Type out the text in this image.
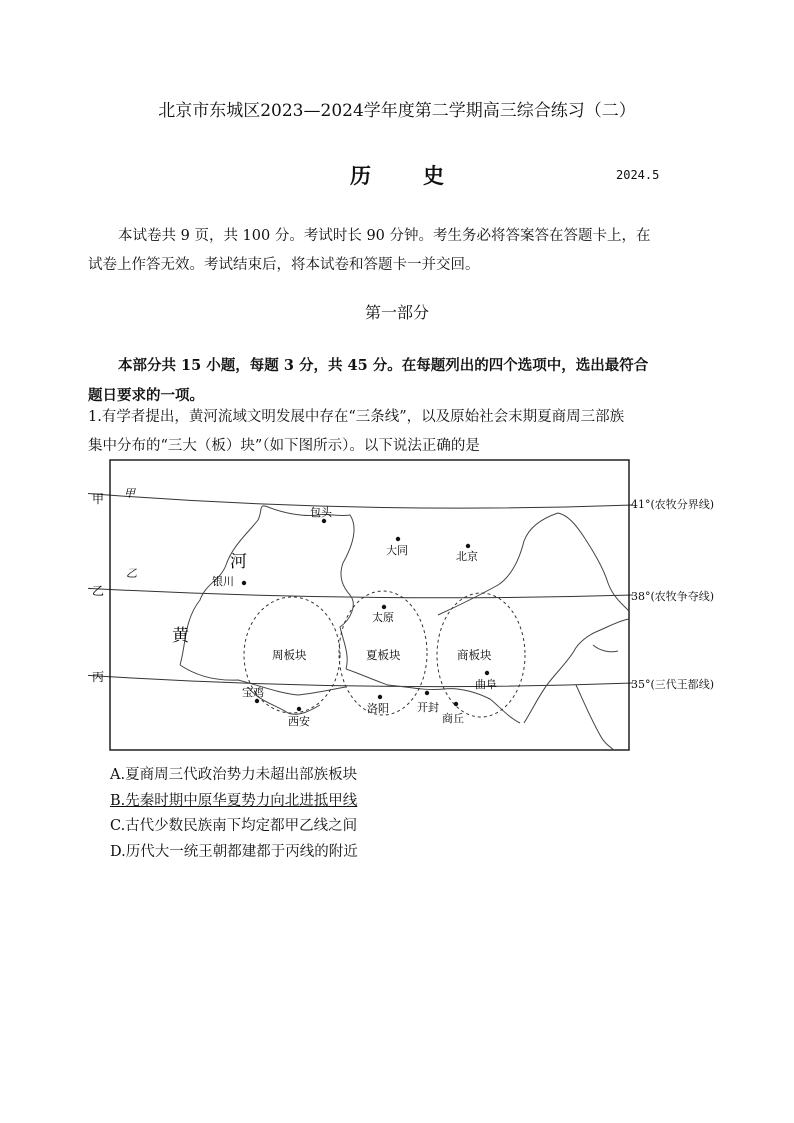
北京市东城区2023—2024学年度第二学期高三综合练习（二）
历 史	2024.5
本试卷共 9 页，共 100 分。考试时长 90 分钟。考生务必将答案答在答题卡上，在
试卷上作答无效。考试结束后，将本试卷和答题卡一并交回。
第一部分
本部分共 15 小题，每题 3 分，共 45 分。在每题列出的四个选项中，选出最符合
题日要求的一项。
1.有学者提出，黄河流域文明发展中存在“三条线”，以及原始社会末期夏商周三部族
集中分布的“三大（板）块”（如下图所示）。以下说法正确的是
甲
乙
丙
甲
乙
河
黄
包头
大同	北京
银川
太原
宝鸡
西安
洛阳	开封
商丘
曲阜
周板块	夏板块	商板块
41°(农牧分界线)
38°(农牧争夺线)
35°(三代王都线)
A.夏商周三代政治势力未超出部族板块
B.先秦时期中原华夏势力向北进抵甲线
C.古代少数民族南下均定都甲乙线之间
D.历代大一统王朝都建都于丙线的附近
